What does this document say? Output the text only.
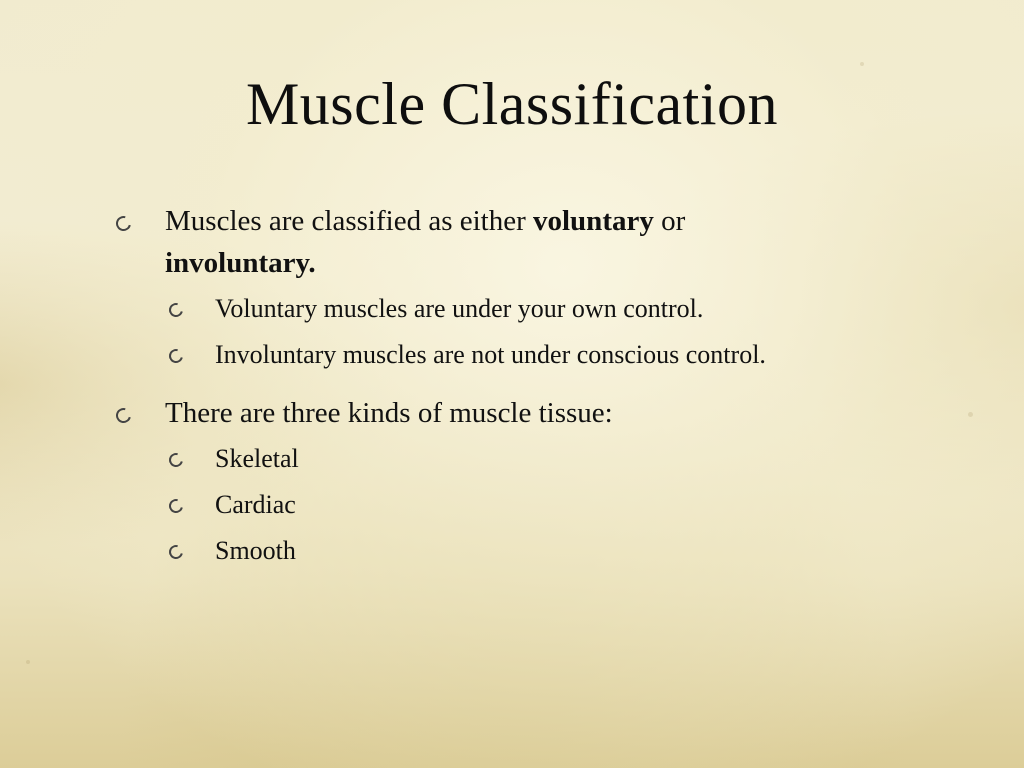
Muscle Classification
Muscles are classified as either voluntary or
involuntary.
Voluntary muscles are under your own control.
Involuntary muscles are not under conscious control.
There are three kinds of muscle tissue:
Skeletal
Cardiac
Smooth
